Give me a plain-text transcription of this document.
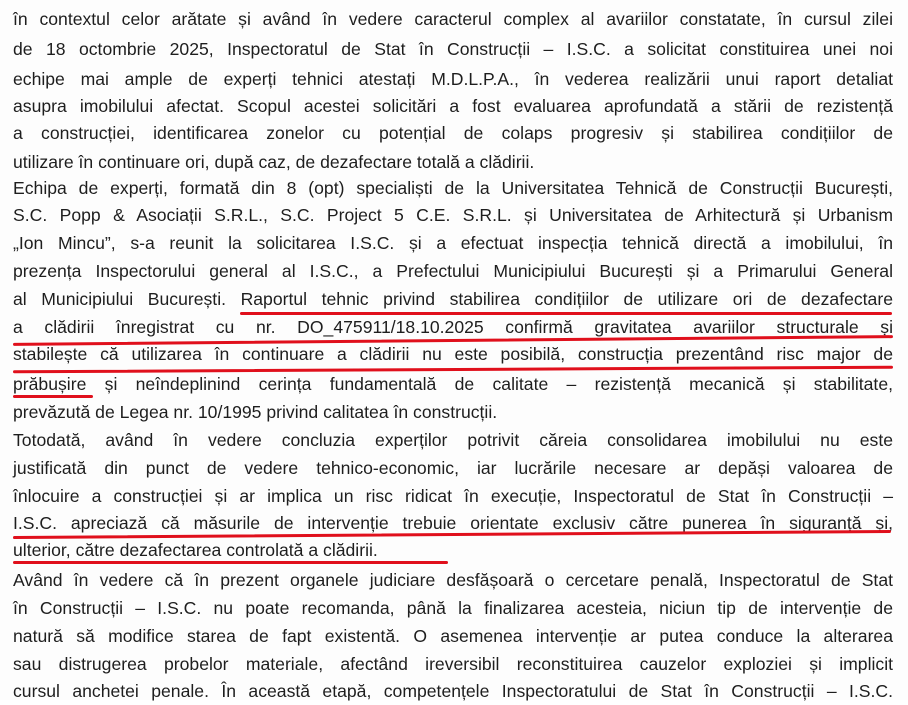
în contextul celor arătate și având în vedere caracterul complex al avariilor constatate, în cursul zilei
de 18 octombrie 2025, Inspectoratul de Stat în Construcții – I.S.C. a solicitat constituirea unei noi
echipe mai ample de experți tehnici atestați M.D.L.P.A., în vederea realizării unui raport detaliat
asupra imobilului afectat. Scopul acestei solicitări a fost evaluarea aprofundată a stării de rezistență
a construcției, identificarea zonelor cu potențial de colaps progresiv și stabilirea condițiilor de
utilizare în continuare ori, după caz, de dezafectare totală a clădirii.
Echipa de experți, formată din 8 (opt) specialiști de la Universitatea Tehnică de Construcții București,
S.C. Popp & Asociații S.R.L., S.C. Project 5 C.E. S.R.L. și Universitatea de Arhitectură și Urbanism
„Ion Mincu”, s-a reunit la solicitarea I.S.C. și a efectuat inspecția tehnică directă a imobilului, în
prezența Inspectorului general al I.S.C., a Prefectului Municipiului București și a Primarului General
al Municipiului București. Raportul tehnic privind stabilirea condițiilor de utilizare ori de dezafectare
a clădirii înregistrat cu nr. DO_475911/18.10.2025 confirmă gravitatea avariilor structurale și
stabilește că utilizarea în continuare a clădirii nu este posibilă, construcția prezentând risc major de
prăbușire și neîndeplinind cerința fundamentală de calitate – rezistență mecanică și stabilitate,
prevăzută de Legea nr. 10/1995 privind calitatea în construcții.
Totodată, având în vedere concluzia experților potrivit căreia consolidarea imobilului nu este
justificată din punct de vedere tehnico-economic, iar lucrările necesare ar depăși valoarea de
înlocuire a construcției și ar implica un risc ridicat în execuție, Inspectoratul de Stat în Construcții –
I.S.C. apreciază că măsurile de intervenție trebuie orientate exclusiv către punerea în siguranță și,
ulterior, către dezafectarea controlată a clădirii.
Având în vedere că în prezent organele judiciare desfășoară o cercetare penală, Inspectoratul de Stat
în Construcții – I.S.C. nu poate recomanda, până la finalizarea acesteia, niciun tip de intervenție de
natură să modifice starea de fapt existentă. O asemenea intervenție ar putea conduce la alterarea
sau distrugerea probelor materiale, afectând ireversibil reconstituirea cauzelor exploziei și implicit
cursul anchetei penale. În această etapă, competențele Inspectoratului de Stat în Construcții – I.S.C.
